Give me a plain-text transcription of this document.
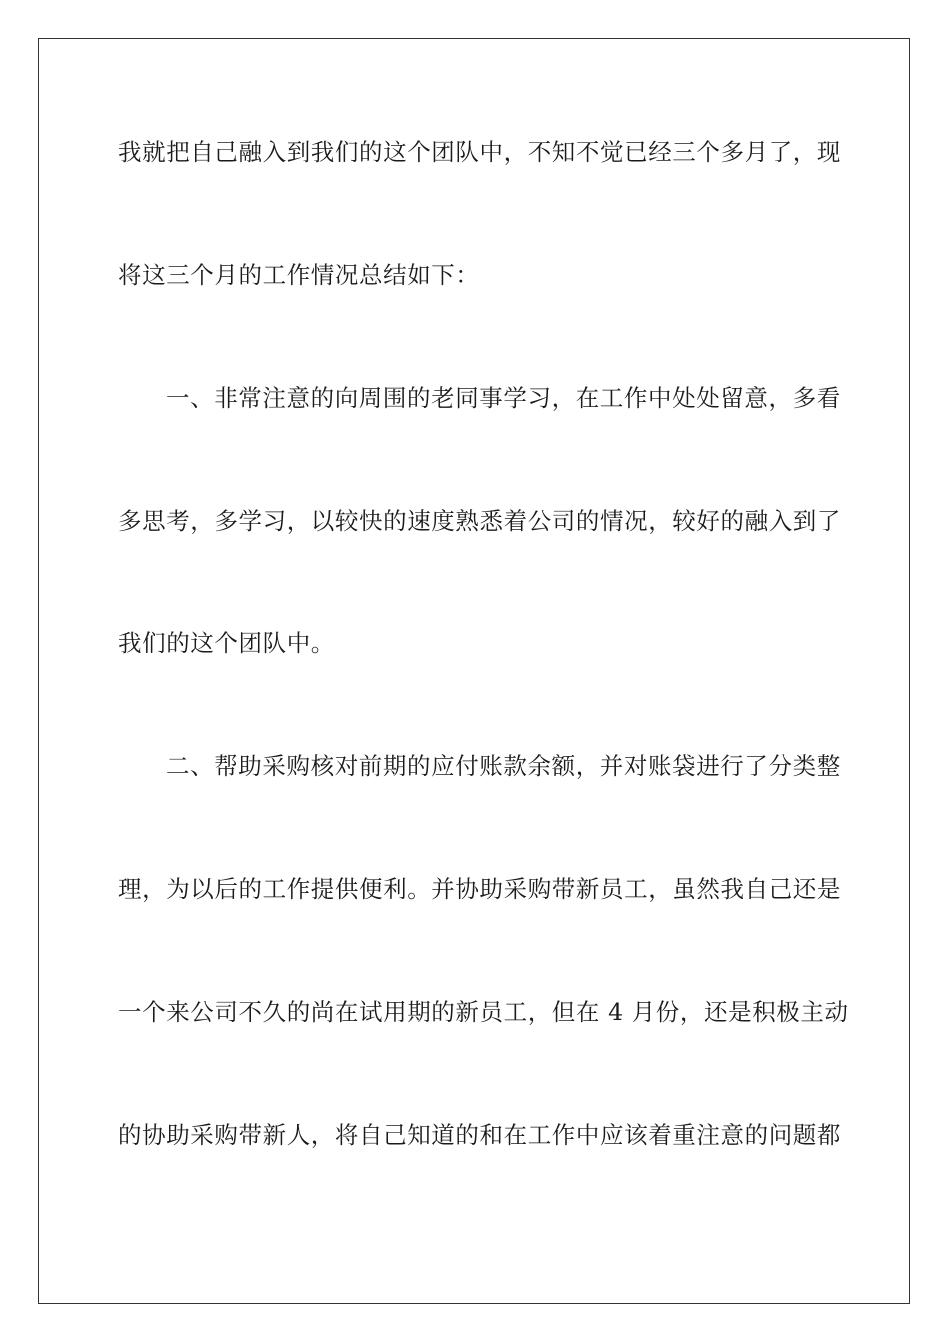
我就把自己融入到我们的这个团队中，不知不觉已经三个多月了，现

将这三个月的工作情况总结如下：

一、非常注意的向周围的老同事学习，在工作中处处留意，多看

多思考，多学习，以较快的速度熟悉着公司的情况，较好的融入到了

我们的这个团队中。

二、帮助采购核对前期的应付账款余额，并对账袋进行了分类整

理，为以后的工作提供便利。并协助采购带新员工，虽然我自己还是

一个来公司不久的尚在试用期的新员工，但在 4 月份，还是积极主动

的协助采购带新人，将自己知道的和在工作中应该着重注意的问题都
